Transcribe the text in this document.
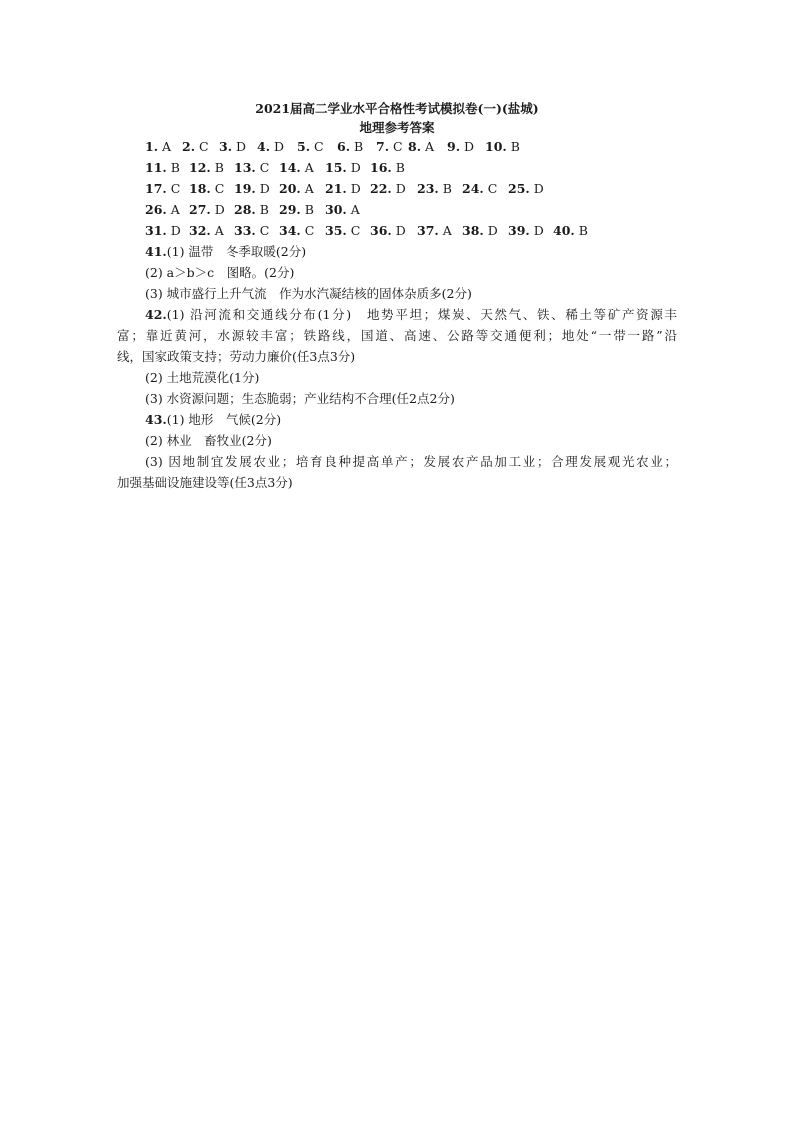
2021届高二学业水平合格性考试模拟卷(一)(盐城)
地理参考答案
1. A 2. C 3. D 4. D 5. C 6. B 7. C 8. A 9. D 10. B
11. B 12. B 13. C 14. A 15. D 16. B
17. C 18. C 19. D 20. A 21. D 22. D 23. B 24. C 25. D
26. A 27. D 28. B 29. B 30. A
31. D 32. A 33. C 34. C 35. C 36. D 37. A 38. D 39. D 40. B
41.(1) 温带　冬季取暖(2分)
(2) a＞b＞c　图略。(2分)
(3) 城市盛行上升气流　作为水汽凝结核的固体杂质多(2分)
42.(1) 沿河流和交通线分布(1分)　地势平坦；煤炭、天然气、铁、稀土等矿产资源丰
富；靠近黄河，水源较丰富；铁路线，国道、高速、公路等交通便利；地处“一带一路”沿
线，国家政策支持；劳动力廉价(任3点3分)
(2) 土地荒漠化(1分)
(3) 水资源问题；生态脆弱；产业结构不合理(任2点2分)
43.(1) 地形　气候(2分)
(2) 林业　畜牧业(2分)
(3) 因地制宜发展农业；培育良种提高单产；发展农产品加工业；合理发展观光农业；
加强基础设施建设等(任3点3分)
